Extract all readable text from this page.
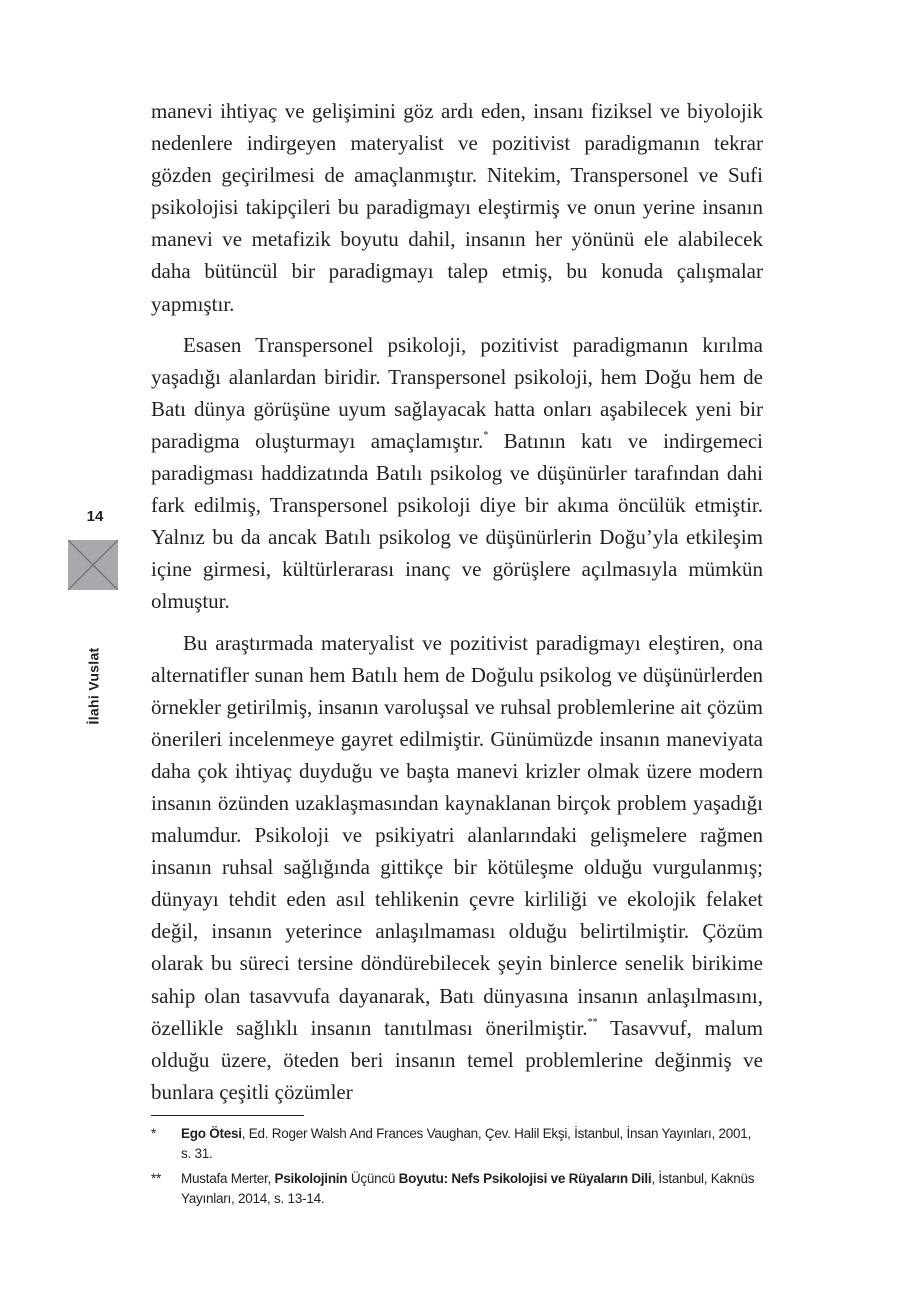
manevi ihtiyaç ve gelişimini göz ardı eden, insanı fiziksel ve biyolojik nedenlere indirgeyen materyalist ve pozitivist paradigmanın tekrar gözden geçirilmesi de amaçlanmıştır. Nitekim, Transpersonel ve Sufi psikolojisi takipçileri bu paradigmayı eleştirmiş ve onun yerine insanın manevi ve metafizik boyutu dahil, insanın her yönünü ele alabilecek daha bütüncül bir paradigmayı talep etmiş, bu konuda çalışmalar yapmıştır.

Esasen Transpersonel psikoloji, pozitivist paradigmanın kırılma yaşadığı alanlardan biridir. Transpersonel psikoloji, hem Doğu hem de Batı dünya görüşüne uyum sağlayacak hatta onları aşabilecek yeni bir paradigma oluşturmayı amaçlamıştır.* Batının katı ve indirgemeci paradigması haddizatında Batılı psikolog ve düşünürler tarafından dahi fark edilmiş, Transpersonel psikoloji diye bir akıma öncülük etmiştir. Yalnız bu da ancak Batılı psikolog ve düşünürlerin Doğu’yla etkileşim içine girmesi, kültürlerarası inanç ve görüşlere açılmasıyla mümkün olmuştur.

Bu araştırmada materyalist ve pozitivist paradigmayı eleştiren, ona alternatifler sunan hem Batılı hem de Doğulu psikolog ve düşünürlerden örnekler getirilmiş, insanın varoluşsal ve ruhsal problemlerine ait çözüm önerileri incelenmeye gayret edilmiştir. Günümüzde insanın maneviyata daha çok ihtiyaç duyduğu ve başta manevi krizler olmak üzere modern insanın özünden uzaklaşmasından kaynaklanan birçok problem yaşadığı malumdur. Psikoloji ve psikiyatri alanlarındaki gelişmelere rağmen insanın ruhsal sağlığında gittikçe bir kötüleşme olduğu vurgulanmış; dünyayı tehdit eden asıl tehlikenin çevre kirliliği ve ekolojik felaket değil, insanın yeterince anlaşılmaması olduğu belirtilmiştir. Çözüm olarak bu süreci tersine döndürebilecek şeyin binlerce senelik birikime sahip olan tasavvufa dayanarak, Batı dünyasına insanın anlaşılmasını, özellikle sağlıklı insanın tanıtılması önerilmiştir.** Tasavvuf, malum olduğu üzere, öteden beri insanın temel problemlerine değinmiş ve bunlara çeşitli çözümler

14
İlahi Vuslat
* Ego Ötesi, Ed. Roger Walsh And Frances Vaughan, Çev. Halil Ekşi, İstanbul, İnsan Yayınları, 2001, s. 31.
** Mustafa Merter, Psikolojinin Üçüncü Boyutu: Nefs Psikolojisi ve Rüyaların Dili, İstanbul, Kaknüs Yayınları, 2014, s. 13-14.
